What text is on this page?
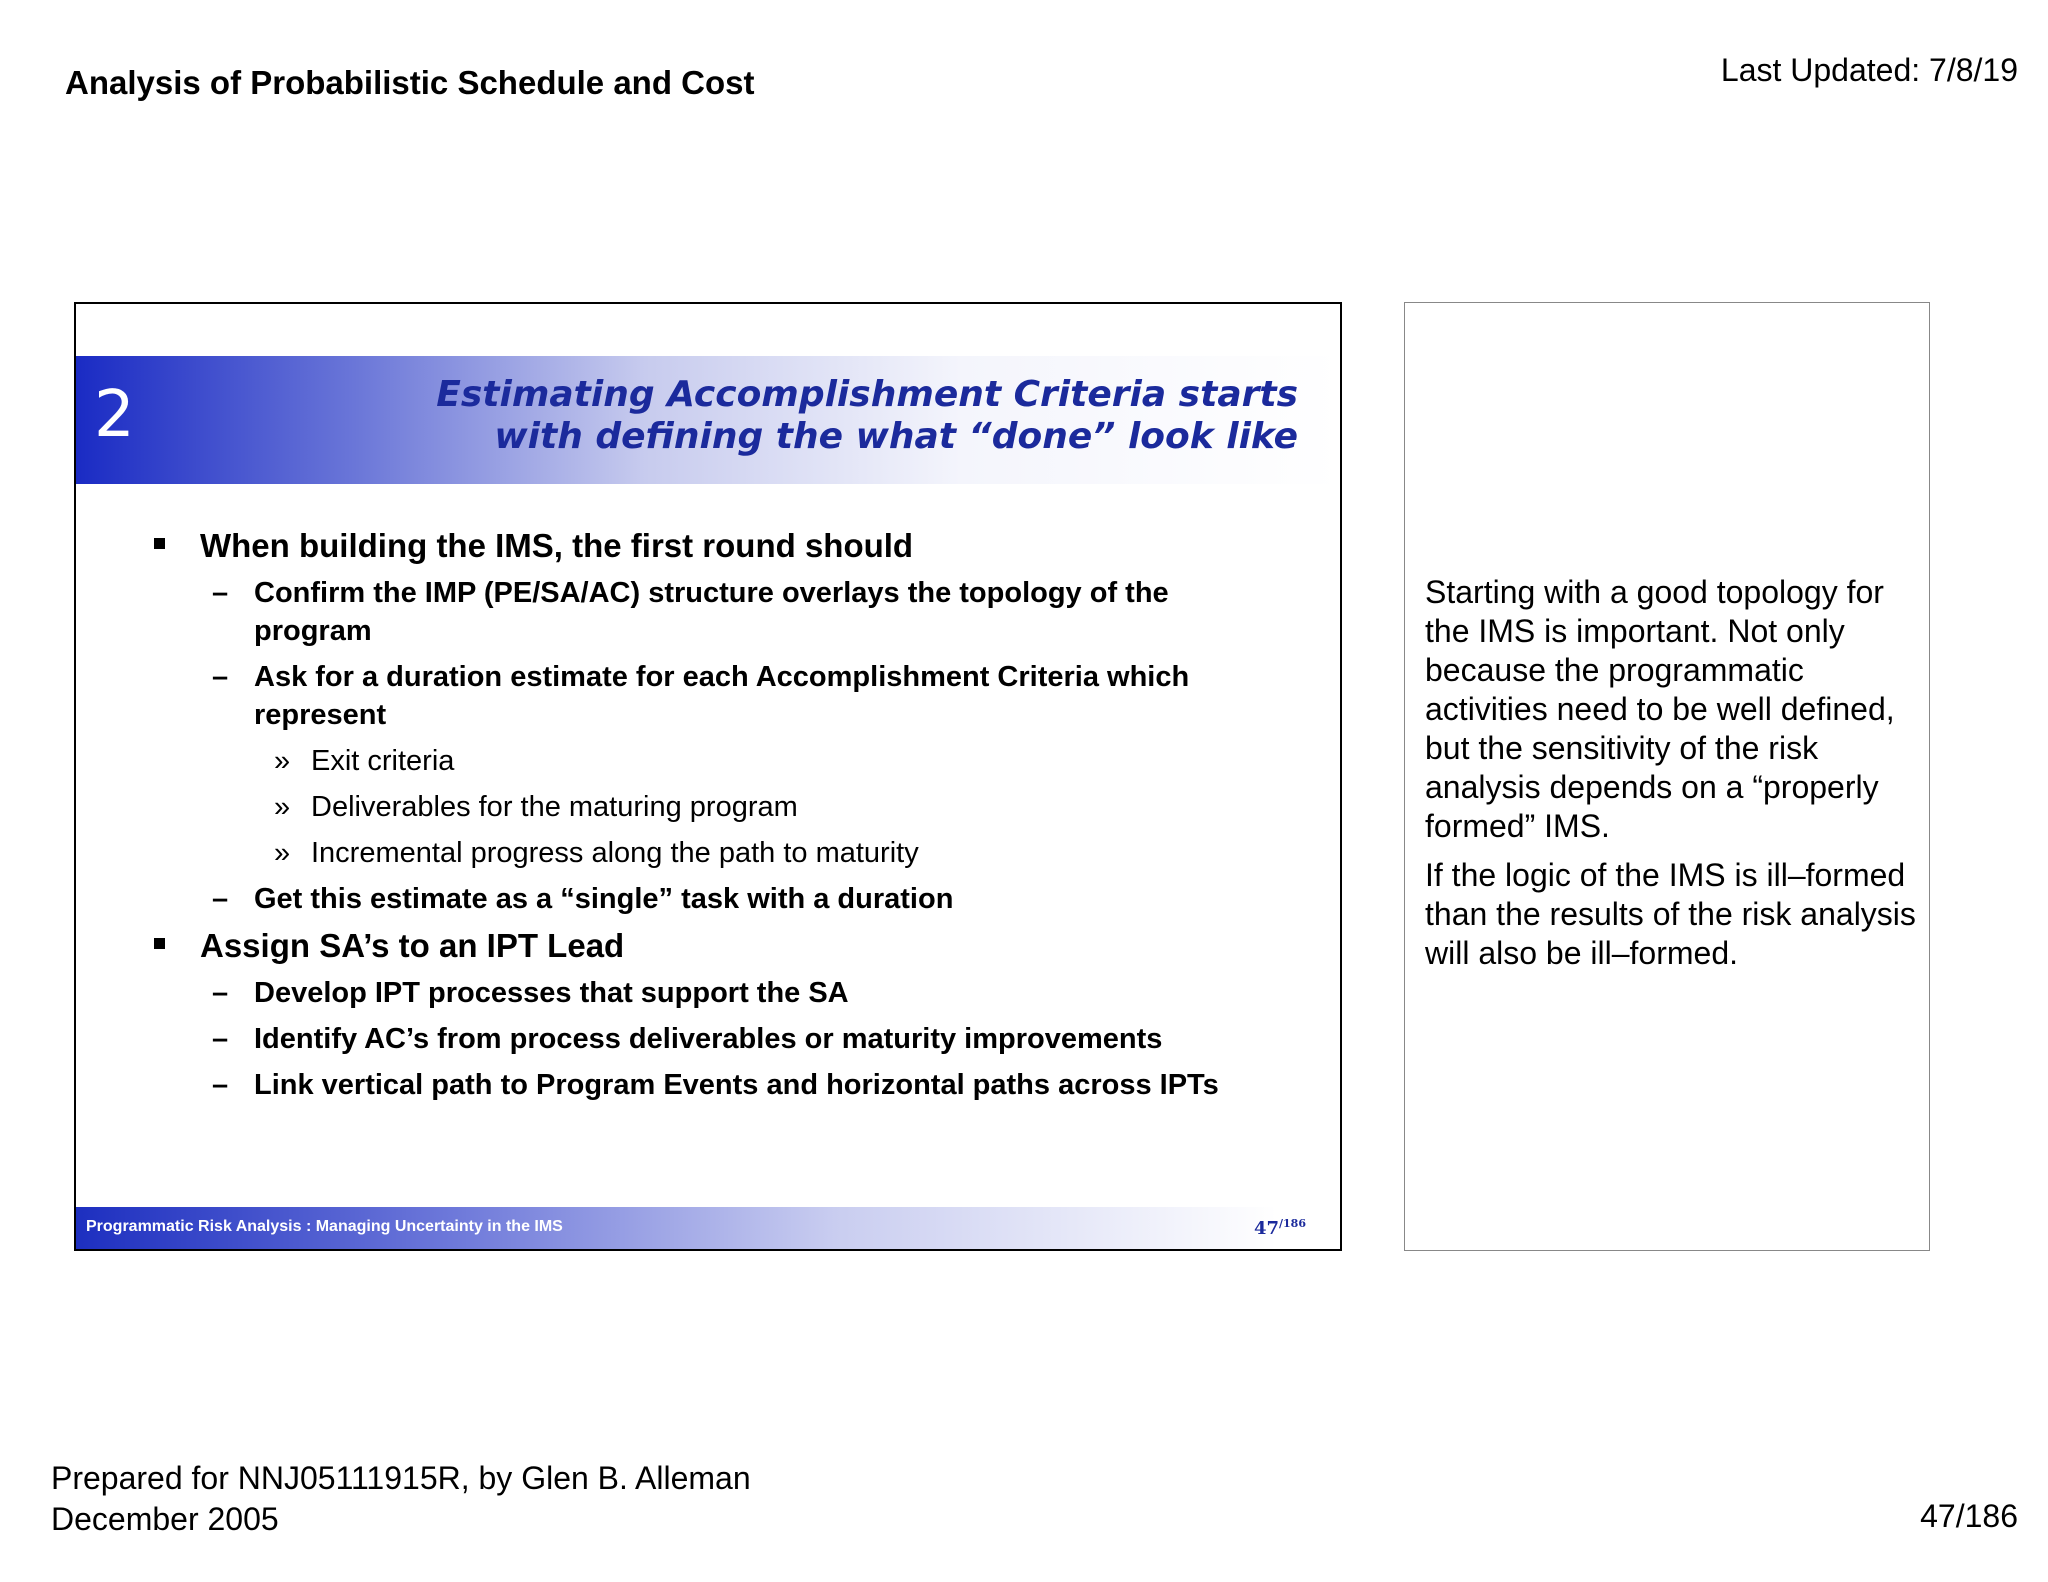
Analysis of Probabilistic Schedule and Cost	Last Updated: 7/8/19
2	Estimating Accomplishment Criteria starts
with defining the what “done” look like
When building the IMS, the first round should
– Confirm the IMP (PE/SA/AC) structure overlays the topology of the program
– Ask for a duration estimate for each Accomplishment Criteria which represent
» Exit criteria
» Deliverables for the maturing program
» Incremental progress along the path to maturity
– Get this estimate as a “single” task with a duration
Assign SA’s to an IPT Lead
– Develop IPT processes that support the SA
– Identify AC’s from process deliverables or maturity improvements
– Link vertical path to Program Events and horizontal paths across IPTs
Programmatic Risk Analysis : Managing Uncertainty in the IMS	$47^{/186}$

Starting with a good topology for the IMS is important. Not only because the programmatic activities need to be well defined, but the sensitivity of the risk analysis depends on a “properly formed” IMS.

If the logic of the IMS is ill–formed than the results of the risk analysis will also be ill–formed.

Prepared for NNJ05111915R, by Glen B. Alleman
December 2005	47/186
